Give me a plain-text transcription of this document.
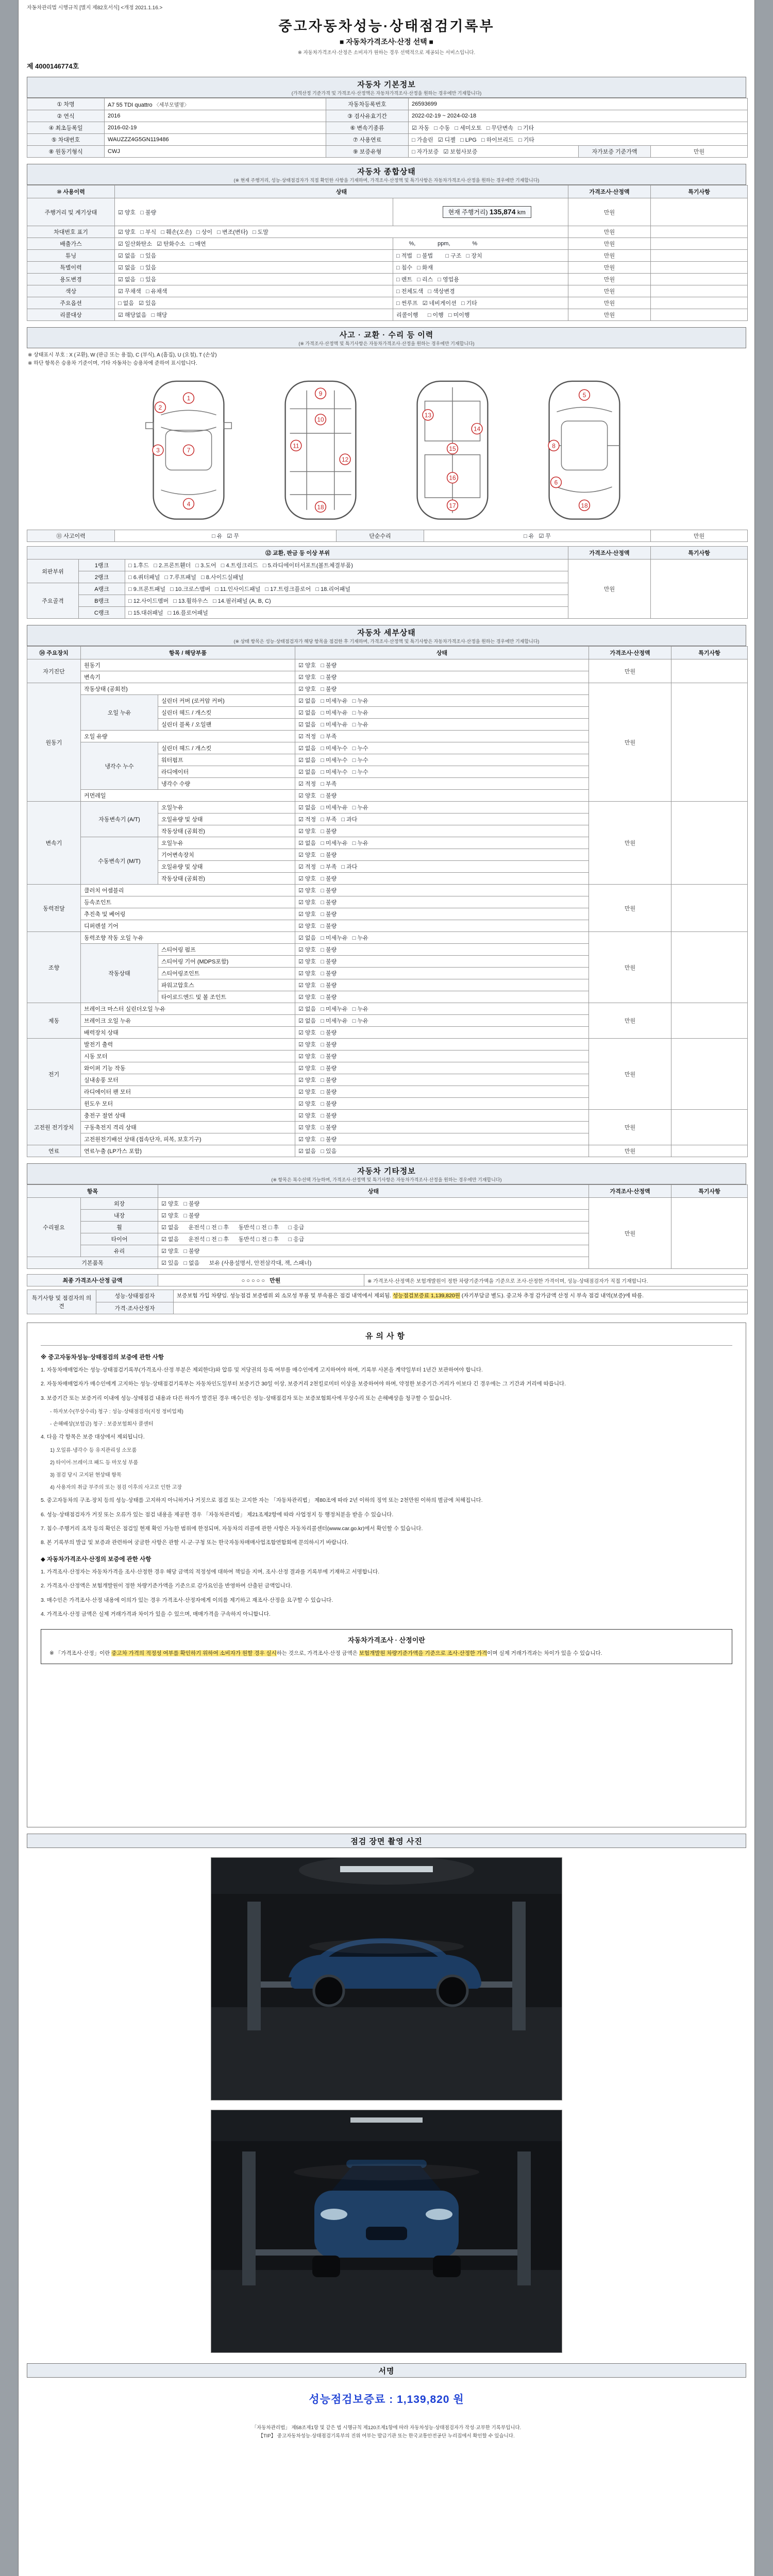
자동차관리법 시행규칙 [별지 제82호서식] <개정 2021.1.16.>
중고자동차성능·상태점검기록부
■ 자동차가격조사·산정 선택 ■
※ 자동차가격조사·산정은 소비자가 원하는 경우 선택적으로 제공되는 서비스입니다.
제 4000146774호
자동차 기본정보
(가격산정 기준가격 및 가격조사·산정액은 자동차가격조사·산정을 원하는 경우에만 기재합니다)
① 차명	A7 55 TDI quattro 〈세부모델명〉	자동차등록번호	26593699		
② 연식	2016	③ 검사유효기간	2022-02-19 ~ 2024-02-18		
④ 최초등록일	2016-02-19	⑥ 변속기종류	☑ 자동   □ 수동   □ 세미오토   □ 무단변속   □ 기타		
⑤ 차대번호	WAUZZZ4G5GN119486	⑦ 사용연료	□ 가솔린   ☑ 디젤   □ LPG   □ 하이브리드   □ 기타		
⑧ 원동기형식	CWJ	⑨ 보증유형	□ 자가보증   ☑ 보험사보증	자가보증 기준가액	만원
자동차 종합상태
(※ 현재 주행거리, 성능·상태점검자가 직접 확인한 사항을 기재하며, 가격조사·산정액 및 특기사항은 자동차가격조사·산정을 원하는 경우에만 기재합니다)
⑩ 사용이력	상태		가격조사·산정액	특기사항
주행거리 및 계기상태	☑ 양호   □ 불량	현재 주행거리) 135,874 km	만원	
차대번호 표기	☑ 양호   □ 부식   □ 훼손(오손)   □ 상이   □ 변조(변타)   □ 도말		만원	
배출가스	☑ 일산화탄소   ☑ 탄화수소   □ 매연	%,              ppm,              %	만원	
튜닝	☑ 없음   □ 있음	□ 적법   □ 불법        □ 구조   □ 장치	만원	
특별이력	☑ 없음   □ 있음	□ 침수   □ 화재	만원	
용도변경	☑ 없음   □ 있음	□ 렌트   □ 리스   □ 영업용	만원	
색상	☑ 무채색   □ 유채색	□ 전체도색   □ 색상변경	만원	
주요옵션	□ 없음   ☑ 있음	□ 썬루프   ☑ 네비게이션   □ 기타	만원	
리콜대상	☑ 해당없음   □ 해당	리콜이행      □ 이행   □ 미이행	만원	
사고 · 교환 · 수리 등 이력
(※ 가격조사·산정액 및 특기사항은 자동차가격조사·산정을 원하는 경우에만 기재합니다)
※ 상태표시 부호 : X (교환), W (판금 또는 용접), C (부식), A (흠집), U (요철), T (손상)
※ 하단 항목은 승용차 기준이며, 기타 자동차는 승용차에 준하여 표시합니다.
1
2
3	7
4
9
10
11
12
18
13
14
15
16
17
5
6
8
18
⑪ 사고이력	□ 유   ☑ 무	단순수리	□ 유   ☑ 무	만원
⑫ 교환, 판금 등 이상 부위			가격조사·산정액	특기사항
외판부위	1랭크	□ 1.후드   □ 2.프론트휀더   □ 3.도어   □ 4.트렁크리드   □ 5.라디에이터서포트(볼트체결부품)	만원	
	2랭크	□ 6.쿼터패널   □ 7.루프패널   □ 8.사이드실패널		
주요골격	A랭크	□ 9.프론트패널   □ 10.크로스멤버   □ 11.인사이드패널   □ 17.트렁크플로어   □ 18.리어패널		
	B랭크	□ 12.사이드멤버   □ 13.휠하우스   □ 14.필러패널 (A, B, C)		
	C랭크	□ 15.대쉬패널   □ 16.플로어패널		
자동차 세부상태
(※ 상태 항목은 성능·상태점검자가 해당 항목을 점검한 후 기재하며, 가격조사·산정액 및 특기사항은 자동차가격조사·산정을 원하는 경우에만 기재합니다)
⑭ 주요장치	항목 / 해당부품		상태	가격조사·산정액	특기사항
자기진단	원동기		☑ 양호   □ 불량	만원	
	변속기		☑ 양호   □ 불량		
원동기	작동상태 (공회전)		☑ 양호   □ 불량	만원	
	오일 누유	실린더 커버 (로커암 커버)	☑ 없음   □ 미세누유   □ 누유		
		실린더 헤드 / 개스킷	☑ 없음   □ 미세누유   □ 누유		
		실린더 블록 / 오일팬	☑ 없음   □ 미세누유   □ 누유		
	오일 유량		☑ 적정   □ 부족		
	냉각수 누수	실린더 헤드 / 개스킷	☑ 없음   □ 미세누수   □ 누수		
		워터펌프	☑ 없음   □ 미세누수   □ 누수		
		라디에이터	☑ 없음   □ 미세누수   □ 누수		
		냉각수 수량	☑ 적정   □ 부족		
	커먼레일		☑ 양호   □ 불량		
변속기	자동변속기 (A/T)	오일누유	☑ 없음   □ 미세누유   □ 누유	만원	
		오일유량 및 상태	☑ 적정   □ 부족   □ 과다		
		작동상태 (공회전)	☑ 양호   □ 불량		
	수동변속기 (M/T)	오일누유	☑ 없음   □ 미세누유   □ 누유		
		기어변속장치	☑ 양호   □ 불량		
		오일유량 및 상태	☑ 적정   □ 부족   □ 과다		
		작동상태 (공회전)	☑ 양호   □ 불량		
동력전달	클러치 어셈블리		☑ 양호   □ 불량	만원	
	등속조인트		☑ 양호   □ 불량		
	추진축 및 베어링		☑ 양호   □ 불량		
	디퍼렌셜 기어		☑ 양호   □ 불량		
조향	동력조향 작동 오일 누유		☑ 없음   □ 미세누유   □ 누유	만원	
	작동상태	스티어링 펌프	☑ 양호   □ 불량		
		스티어링 기어 (MDPS포함)	☑ 양호   □ 불량		
		스티어링조인트	☑ 양호   □ 불량		
		파워고압호스	☑ 양호   □ 불량		
		타이로드엔드 및 볼 조인트	☑ 양호   □ 불량		
제동	브레이크 마스터 실린더오일 누유		☑ 없음   □ 미세누유   □ 누유	만원	
	브레이크 오일 누유		☑ 없음   □ 미세누유   □ 누유		
	배력장치 상태		☑ 양호   □ 불량		
전기	발전기 출력		☑ 양호   □ 불량	만원	
	시동 모터		☑ 양호   □ 불량		
	와이퍼 기능 작동		☑ 양호   □ 불량		
	실내송풍 모터		☑ 양호   □ 불량		
	라디에이터 팬 모터		☑ 양호   □ 불량		
	윈도우 모터		☑ 양호   □ 불량		
고전원 전기장치	충전구 절연 상태		☑ 양호   □ 불량	만원	
	구동축전지 격리 상태		☑ 양호   □ 불량		
	고전원전기배선 상태 (접속단자, 피복, 보호기구)		☑ 양호   □ 불량		
연료	연료누출 (LP가스 포함)		☑ 없음   □ 있음	만원	
자동차 기타정보
(※ 항목은 복수선택 가능하며, 가격조사·산정액 및 특기사항은 자동차가격조사·산정을 원하는 경우에만 기재합니다)
항목		상태	가격조사·산정액	특기사항
수리필요	외장	☑ 양호   □ 불량	만원	
	내장	☑ 양호   □ 불량		
	휠	☑ 없음      운전석 □ 전 □ 후      동반석 □ 전 □ 후      □ 응급		
	타이어	☑ 없음      운전석 □ 전 □ 후      동반석 □ 전 □ 후      □ 응급		
	유리	☑ 양호   □ 불량		
기본품목		☑ 있음   □ 없음      보유 (사용설명서, 안전삼각대, 잭, 스패너)		
최종 가격조사·산정 금액	○ ○ ○ ○ ○   만원	※ 가격조사·산정액은 보험개발원이 정한 차량기준가액을 기준으로 조사·산정한 가격이며, 성능·상태점검자가 직접 기재합니다.
특기사항 및 점검자의 의견	성능·상태점검자	보증보험 가입 차량임. 성능점검 보증범위 외 소모성 부품 및 부속품은 점검 내역에서 제외됨. 성능점검보증료 1,139,820원 (자기부담금 별도). 중고차 추정 감가금액 산정 시 부속 점검 내역(보증)에 따름.
	가격·조사산정자	
유의사항
※ 중고자동차성능·상태점검의 보증에 관한 사항
1. 자동차매매업자는 성능·상태점검기록부(가격조사·산정 부분은 제외한다)와 압류 및 저당권의 등록 여부를 매수인에게 고지하여야 하며, 기록부 사본을 계약일부터 1년간 보관하여야 합니다.
2. 자동차매매업자가 매수인에게 고지하는 성능·상태점검기록부는 자동차인도일부터 보증기간 30일 이상, 보증거리 2천킬로미터 이상을 보증하여야 하며, 약정한 보증기간·거리가 이보다 긴 경우에는 그 기간과 거리에 따릅니다.
3. 보증기간 또는 보증거리 이내에 성능·상태점검 내용과 다른 하자가 발견된 경우 매수인은 성능·상태점검자 또는 보증보험회사에 무상수리 또는 손해배상을 청구할 수 있습니다.
- 하자보수(무상수리) 청구 : 성능·상태점검자(지정 정비업체)
- 손해배상(보험금) 청구 : 보증보험회사 콜센터
4. 다음 각 항목은 보증 대상에서 제외됩니다.
1) 오일류·냉각수 등 유지관리성 소모품
2) 타이어·브레이크 패드 등 마모성 부품
3) 점검 당시 고지된 현상태 항목
4) 사용자의 취급 부주의 또는 점검 이후의 사고로 인한 고장
5. 중고자동차의 구조·장치 등의 성능·상태를 고지하지 아니하거나 거짓으로 점검 또는 고지한 자는 「자동차관리법」 제80조에 따라 2년 이하의 징역 또는 2천만원 이하의 벌금에 처해집니다.
6. 성능·상태점검자가 거짓 또는 오류가 있는 점검 내용을 제공한 경우 「자동차관리법」 제21조제2항에 따라 사업정지 등 행정처분을 받을 수 있습니다.
7. 침수·주행거리 조작 등의 확인은 점검일 현재 확인 가능한 범위에 한정되며, 자동차의 리콜에 관한 사항은 자동차리콜센터(www.car.go.kr)에서 확인할 수 있습니다.
8. 본 기록부의 발급 및 보증과 관련하여 궁금한 사항은 관할 시·군·구청 또는 한국자동차매매사업조합연합회에 문의하시기 바랍니다.
◆ 자동차가격조사·산정의 보증에 관한 사항
1. 가격조사·산정자는 자동차가격을 조사·산정한 경우 해당 금액의 적정성에 대하여 책임을 지며, 조사·산정 결과를 기록부에 기재하고 서명합니다.
2. 가격조사·산정액은 보험개발원이 정한 차량기준가액을 기준으로 감가요인을 반영하여 산출된 금액입니다.
3. 매수인은 가격조사·산정 내용에 이의가 있는 경우 가격조사·산정자에게 이의를 제기하고 재조사·산정을 요구할 수 있습니다.
4. 가격조사·산정 금액은 실제 거래가격과 차이가 있을 수 있으며, 매매가격을 구속하지 아니합니다.
자동차가격조사 · 산정이란
※ 「가격조사·산정」이란 중고차 가격의 적정성 여부를 확인하기 위하여 소비자가 원할 경우 실시하는 것으로, 가격조사·산정 금액은 보험개발원 차량기준가액을 기준으로 조사·산정한 가격이며 실제 거래가격과는 차이가 있을 수 있습니다.
점검 장면 촬영 사진
서명
성능점검보증료 : 1,139,820 원
「자동차관리법」 제58조제1항 및 같은 법 시행규칙 제120조제1항에 따라 자동차성능·상태점검자가 작성·교부한 기록부입니다.
【TIP】 중고자동차성능·상태점검기록부의 진위 여부는 발급기관 또는 한국교통안전공단 누리집에서 확인할 수 있습니다.
